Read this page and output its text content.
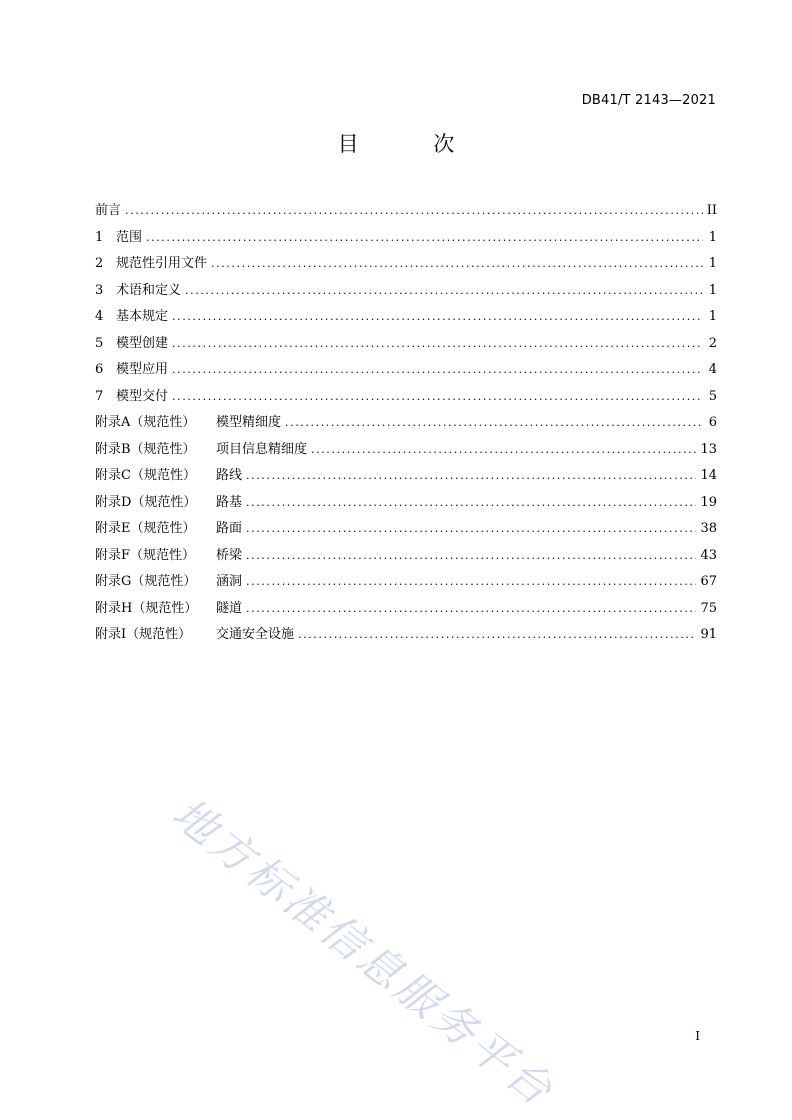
DB41/T 2143—2021
目 次
前言 .....	II
1 范围 .....	1
2 规范性引用文件 .....	1
3 术语和定义 .....	1
4 基本规定 .....	1
5 模型创建 .....	2
6 模型应用 .....	4
7 模型交付 .....	5
附录A（规范性）	模型精细度 .....	6
附录B（规范性）	项目信息精细度 .....	13
附录C（规范性）	路线 .....	14
附录D（规范性）	路基 .....	19
附录E（规范性）	路面 .....	38
附录F（规范性）	桥梁 .....	43
附录G（规范性）	涵洞 .....	67
附录H（规范性）	隧道 .....	75
附录I（规范性）	交通安全设施 .....	91
地方标准信息服务平台	I
